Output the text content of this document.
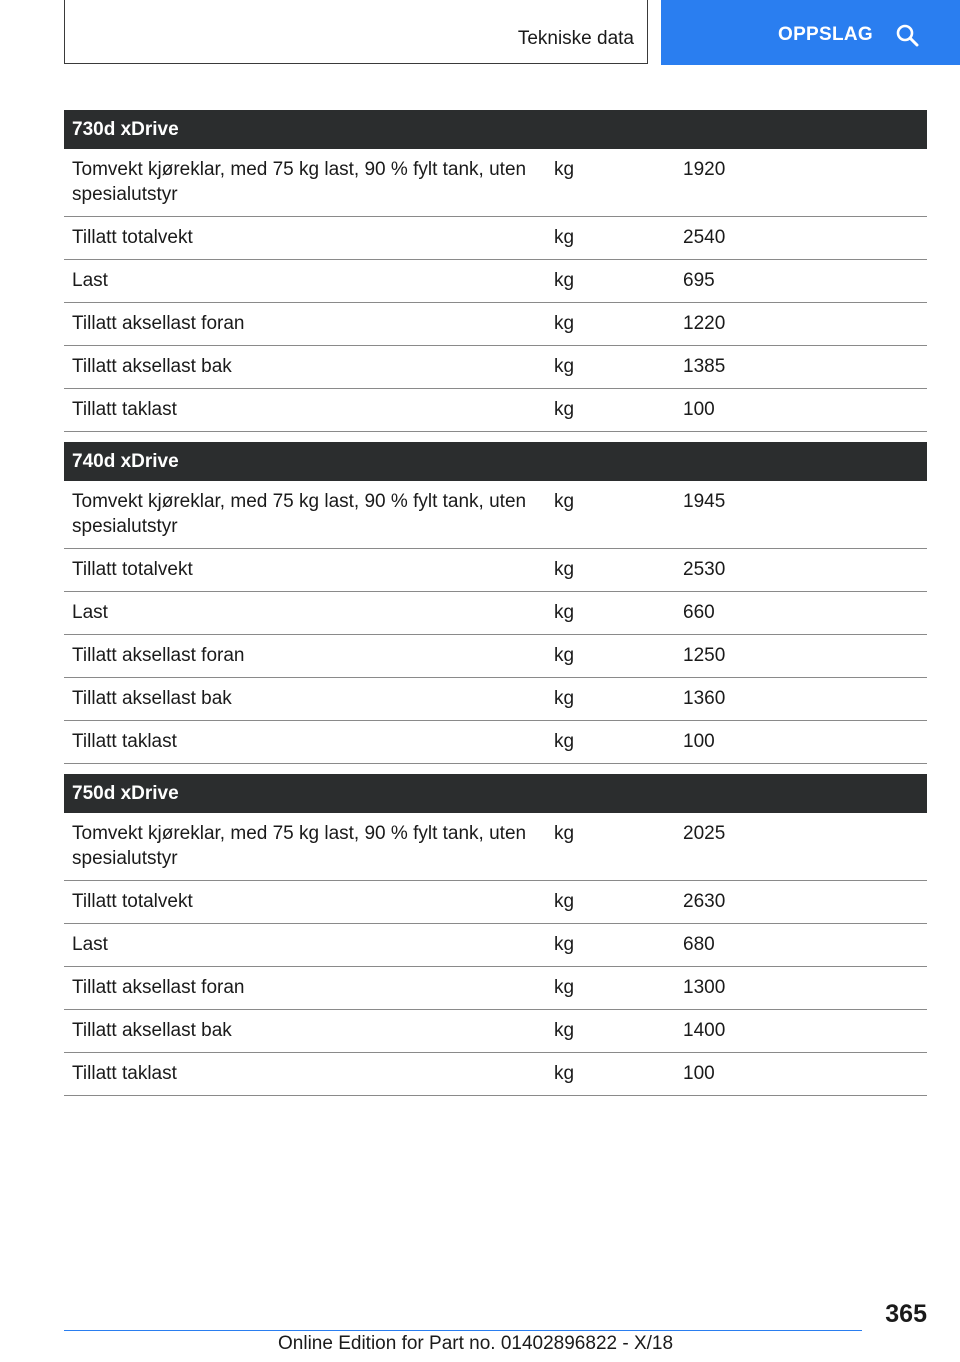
Tekniske data	OPPSLAG
730d xDrive		
Tomvekt kjøreklar, med 75 kg last, 90 % fylt tank, uten spesialutstyr	kg	1920
Tillatt totalvekt	kg	2540
Last	kg	695
Tillatt aksellast foran	kg	1220
Tillatt aksellast bak	kg	1385
Tillatt taklast	kg	100
740d xDrive		
Tomvekt kjøreklar, med 75 kg last, 90 % fylt tank, uten spesialutstyr	kg	1945
Tillatt totalvekt	kg	2530
Last	kg	660
Tillatt aksellast foran	kg	1250
Tillatt aksellast bak	kg	1360
Tillatt taklast	kg	100
750d xDrive		
Tomvekt kjøreklar, med 75 kg last, 90 % fylt tank, uten spesialutstyr	kg	2025
Tillatt totalvekt	kg	2630
Last	kg	680
Tillatt aksellast foran	kg	1300
Tillatt aksellast bak	kg	1400
Tillatt taklast	kg	100
365
Online Edition for Part no. 01402896822 - X/18
